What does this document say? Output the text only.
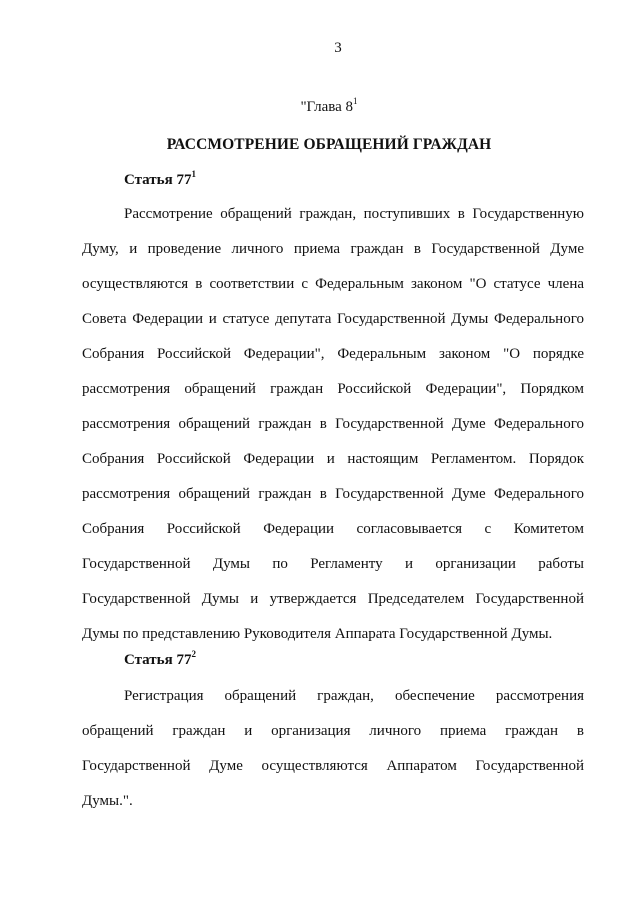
3
"Глава $8^1$
РАССМОТРЕНИЕ ОБРАЩЕНИЙ ГРАЖДАН
Статья $77^1$
Рассмотрение обращений граждан, поступивших в Государственную
Думу, и проведение личного приема граждан в Государственной Думе
осуществляются в соответствии с Федеральным законом "О статусе члена
Совета Федерации и статусе депутата Государственной Думы Федерального
Собрания Российской Федерации", Федеральным законом "О порядке
рассмотрения обращений граждан Российской Федерации", Порядком
рассмотрения обращений граждан в Государственной Думе Федерального
Собрания Российской Федерации и настоящим Регламентом. Порядок
рассмотрения обращений граждан в Государственной Думе Федерального
Собрания Российской Федерации согласовывается с Комитетом
Государственной Думы по Регламенту и организации работы
Государственной Думы и утверждается Председателем Государственной
Думы по представлению Руководителя Аппарата Государственной Думы.
Статья $77^2$
Регистрация обращений граждан, обеспечение рассмотрения
обращений граждан и организация личного приема граждан в
Государственной Думе осуществляются Аппаратом Государственной
Думы.".
